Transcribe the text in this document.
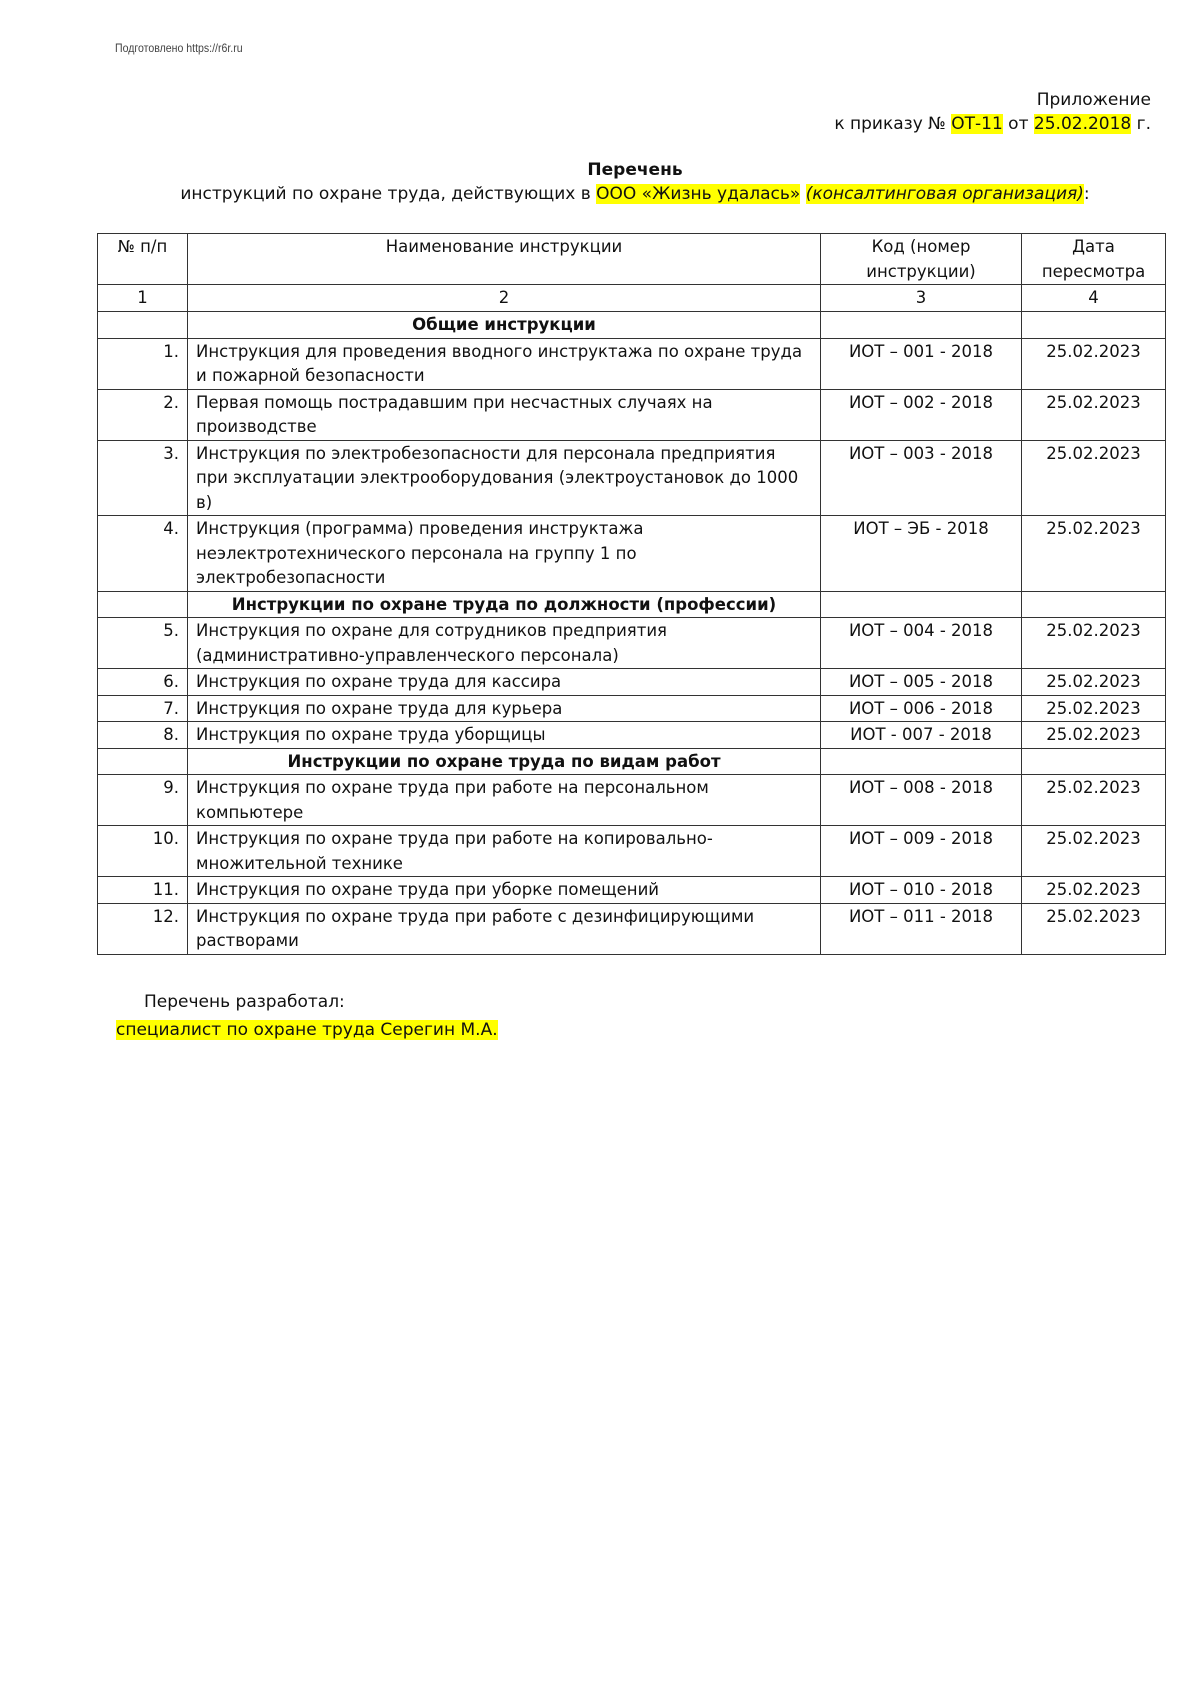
Подготовлено https://r6r.ru
Приложение
к приказу № ОТ-11 от 25.02.2018 г.
Перечень
инструкций по охране труда, действующих в ООО «Жизнь удалась» (консалтинговая организация):
№ п/п	Наименование инструкции	Код (номер инструкции)	Дата пересмотра
1	2	3	4
	Общие инструкции		
1.	Инструкция для проведения вводного инструктажа по охране труда и пожарной безопасности	ИОТ – 001 - 2018	25.02.2023
2.	Первая помощь пострадавшим при несчастных случаях на производстве	ИОТ – 002 - 2018	25.02.2023
3.	Инструкция по электробезопасности для персонала предприятия при эксплуатации электрооборудования (электроустановок до 1000 в)	ИОТ – 003 - 2018	25.02.2023
4.	Инструкция (программа) проведения инструктажа неэлектротехнического персонала на группу 1 по электробезопасности	ИОТ – ЭБ - 2018	25.02.2023
	Инструкции по охране труда по должности (профессии)		
5.	Инструкция по охране для сотрудников предприятия (административно-управленческого персонала)	ИОТ – 004 - 2018	25.02.2023
6.	Инструкция по охране труда для кассира	ИОТ – 005 - 2018	25.02.2023
7.	Инструкция по охране труда для курьера	ИОТ – 006 - 2018	25.02.2023
8.	Инструкция по охране труда уборщицы	ИОТ - 007 - 2018	25.02.2023
	Инструкции по охране труда по видам работ		
9.	Инструкция по охране труда при работе на персональном компьютере	ИОТ – 008 - 2018	25.02.2023
10.	Инструкция по охране труда при работе на копировально-множительной технике	ИОТ – 009 - 2018	25.02.2023
11.	Инструкция по охране труда при уборке помещений	ИОТ – 010 - 2018	25.02.2023
12.	Инструкция по охране труда при работе с дезинфицирующими растворами	ИОТ – 011 - 2018	25.02.2023
Перечень разработал:
специалист по охране труда Серегин М.А.
